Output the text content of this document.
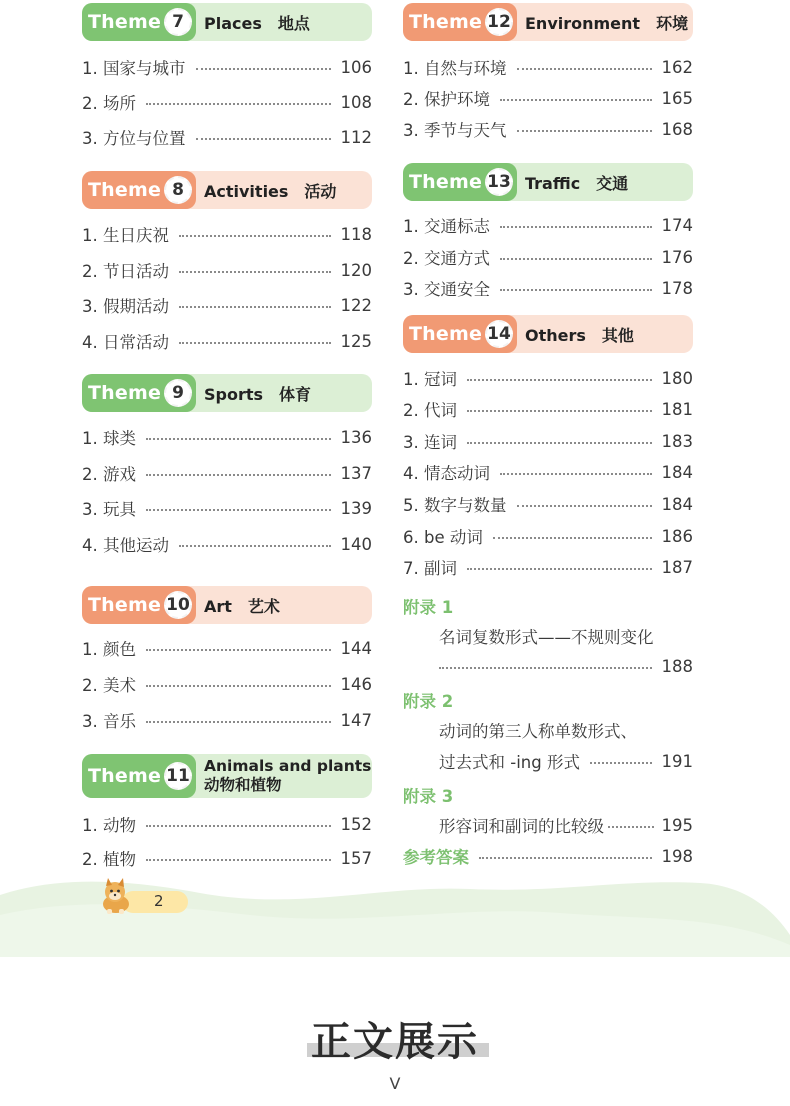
Theme 7	Places　地点
1. 国家与城市	106
2. 场所	108
3. 方位与位置	112
Theme 8	Activities　活动
1. 生日庆祝	118
2. 节日活动	120
3. 假期活动	122
4. 日常活动	125
Theme 9	Sports　体育
1. 球类	136
2. 游戏	137
3. 玩具	139
4. 其他运动	140
Theme 10 Art　艺术
1. 颜色	144
2. 美术	146
3. 音乐	147
Theme 11 Animals and plants
动物和植物
1. 动物	152
2. 植物	157
Theme 12 Environment　环境
1. 自然与环境	162
2. 保护环境	165
3. 季节与天气	168
Theme 13 Traffic　交通
1. 交通标志	174
2. 交通方式	176
3. 交通安全	178
Theme 14 Others　其他
1. 冠词	180
2. 代词	181
3. 连词	183
4. 情态动词	184
5. 数字与数量	184
6. be 动词	186
7. 副词	187
附录 1
名词复数形式——不规则变化
188
附录 2
动词的第三人称单数形式、
过去式和 -ing 形式	191
附录 3
形容词和副词的比较级	195
参考答案	198
2
正文展示
V
